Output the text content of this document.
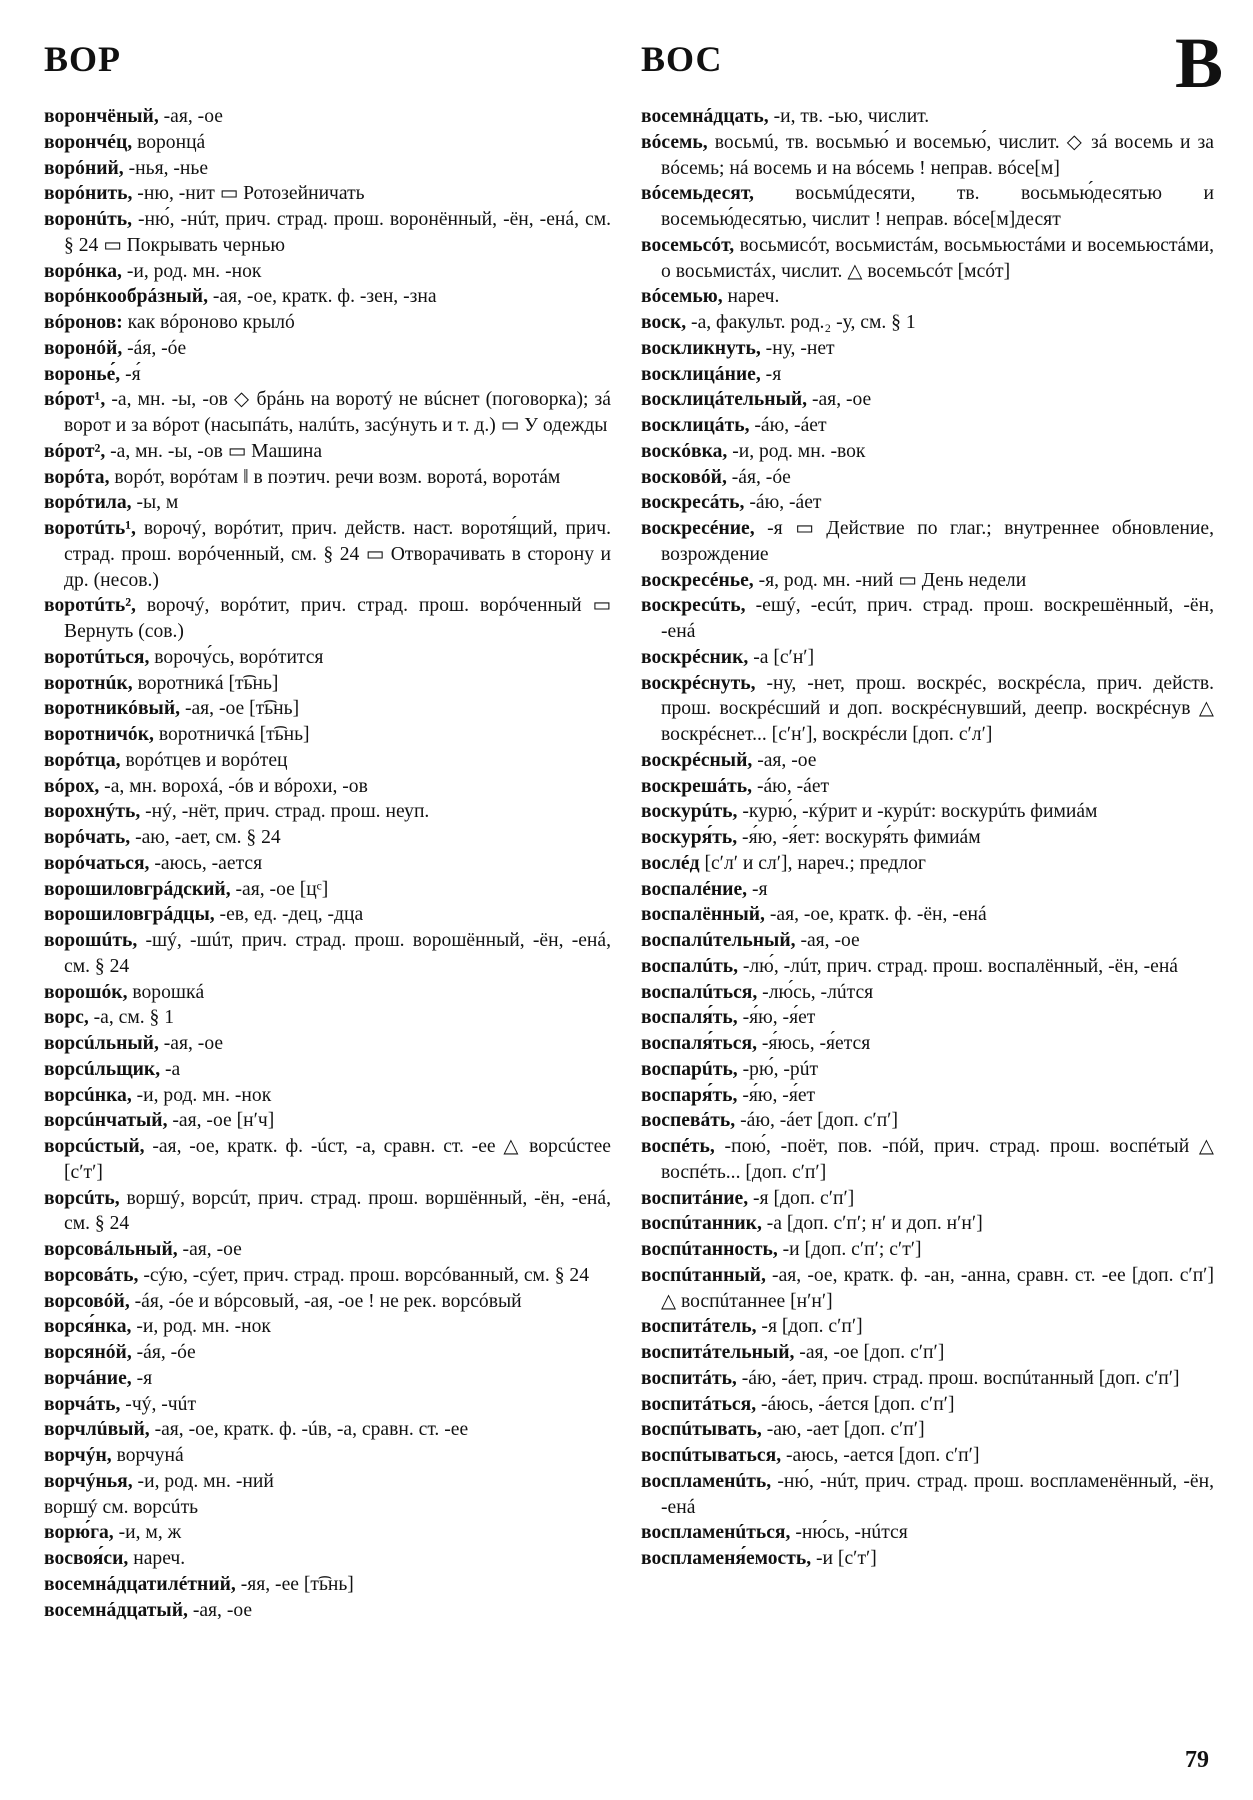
ВОР	ВОС	В

ворончёный, -ая, -ое

ворончéц, воронцá

ворóний, -нья, -нье

ворóнить, -ню, -нит ▭ Ротозейничать

воронúть, -ню́, -нúт, прич. страд. прош. воронённый, -ён, -енá, см. § 24 ▭ Покрывать чернью

ворóнка, -и, род. мн. -нок

ворóнкообрáзный, -ая, -ое, кратк. ф. -зен, -зна

вóронов: как вóроново крылó

воронóй, -áя, -óе

воронье́, -я́

вóрот¹, -а, мн. -ы, -ов ◇ брáнь на воротý не вúснет (поговорка); зá ворот и за вóрот (насыпáть, налúть, засýнуть и т. д.) ▭ У одежды

вóрот², -а, мн. -ы, -ов ▭ Машина

ворóта, ворóт, ворóтам ‖ в поэтич. речи возм. воротá, воротáм

ворóтила, -ы, м

воротúть¹, ворочý, ворóтит, прич. действ. наст. воротя́щий, прич. страд. прош. ворóченный, см. § 24 ▭ Отворачивать в сторону и др. (несов.)

воротúть², ворочý, ворóтит, прич. страд. прош. ворóченный ▭ Вернуть (сов.)

воротúться, ворочу́сь, ворóтится

воротнúк, воротникá [т͡ьнь]

воротникóвый, -ая, -ое [т͡ьнь]

воротничóк, воротничкá [т͡ьнь]

ворóтца, ворóтцев и ворóтец

вóрох, -а, мн. ворохá, -óв и вóрохи, -ов

ворохнýть, -нý, -нёт, прич. страд. прош. неуп.

ворóчать, -аю, -ает, см. § 24

ворóчаться, -аюсь, -ается

ворошиловгрáдский, -ая, -ое [цᶜ]

ворошиловгрáдцы, -ев, ед. -дец, -дца

ворошúть, -шý, -шúт, прич. страд. прош. ворошённый, -ён, -енá, см. § 24

ворошóк, ворошкá

ворс, -а, см. § 1

ворсúльный, -ая, -ое

ворсúльщик, -а

ворсúнка, -и, род. мн. -нок

ворсúнчатый, -ая, -ое [нʹч]

ворсúстый, -ая, -ое, кратк. ф. -úст, -а, сравн. ст. -ее △ ворсúстее [сʹтʹ]

ворсúть, воршý, ворсúт, прич. страд. прош. воршённый, -ён, -енá, см. § 24

ворсовáльный, -ая, -ое

ворсовáть, -сýю, -сýет, прич. страд. прош. ворсóванный, см. § 24

ворсовóй, -áя, -óе и вóрсовый, -ая, -ое ! не рек. ворсóвый

ворся́нка, -и, род. мн. -нок

ворсянóй, -áя, -óе

ворчáние, -я

ворчáть, -чý, -чúт

ворчлúвый, -ая, -ое, кратк. ф. -úв, -а, сравн. ст. -ее

ворчýн, ворчунá

ворчýнья, -и, род. мн. -ний

воршý см. ворсúть

ворю́га, -и, м, ж

восвоя́си, нареч.

восемнáдцатилéтний, -яя, -ее [т͡ьнь]

восемнáдцатый, -ая, -ое

восемнáдцать, -и, тв. -ью, числит.

вóсемь, восьмú, тв. восьмью́ и восемью́, числит. ◇ зá восемь и за вóсемь; нá восемь и на вóсемь ! неправ. вóсе[м]

вóсемьдесят, восьмúдесяти, тв. восьмью́десятью и восемью́десятью, числит ! неправ. вóсе[м]десят

восемьсóт, восьмисóт, восьмистáм, восьмьюстáми и восемьюстáми, о восьмистáх, числит. △ восемьсóт [мсóт]

вóсемью, нареч.

воск, -а, факульт. род.₂ -у, см. § 1

воскликнуть, -ну, -нет

восклицáние, -я

восклицáтельный, -ая, -ое

восклицáть, -áю, -áет

воскóвка, -и, род. мн. -вок

восковóй, -áя, -óе

воскресáть, -áю, -áет

воскресéние, -я ▭ Действие по глаг.; внутреннее обновление, возрождение

воскресéнье, -я, род. мн. -ний ▭ День недели

воскресúть, -ешý, -есúт, прич. страд. прош. воскрешённый, -ён, -енá

воскрéсник, -а [сʹнʹ]

воскрéснуть, -ну, -нет, прош. воскрéс, воскрéсла, прич. действ. прош. воскрéсший и доп. воскрéснувший, деепр. воскрéснув △ воскрéснет... [сʹнʹ], воскрéсли [доп. сʹлʹ]

воскрéсный, -ая, -ое

воскрешáть, -áю, -áет

воскурúть, -курю́, -кýрит и -курúт: воскурúть фимиáм

воскуря́ть, -я́ю, -я́ет: воскуря́ть фимиáм

вослéд [сʹлʹ и слʹ], нареч.; предлог

воспалéние, -я

воспалённый, -ая, -ое, кратк. ф. -ён, -енá

воспалúтельный, -ая, -ое

воспалúть, -лю́, -лúт, прич. страд. прош. воспалённый, -ён, -енá

воспалúться, -лю́сь, -лúтся

воспаля́ть, -я́ю, -я́ет

воспаля́ться, -я́юсь, -я́ется

воспарúть, -рю́, -рúт

воспаря́ть, -я́ю, -я́ет

воспевáть, -áю, -áет [доп. сʹпʹ]

воспéть, -пою́, -поёт, пов. -пóй, прич. страд. прош. воспéтый △ воспéть... [доп. сʹпʹ]

воспитáние, -я [доп. сʹпʹ]

воспúтанник, -а [доп. сʹпʹ; нʹ и доп. нʹнʹ]

воспúтанность, -и [доп. сʹпʹ; сʹтʹ]

воспúтанный, -ая, -ое, кратк. ф. -ан, -анна, сравн. ст. -ее [доп. сʹпʹ] △ воспúтаннее [нʹнʹ]

воспитáтель, -я [доп. сʹпʹ]

воспитáтельный, -ая, -ое [доп. сʹпʹ]

воспитáть, -áю, -áет, прич. страд. прош. воспúтанный [доп. сʹпʹ]

воспитáться, -áюсь, -áется [доп. сʹпʹ]

воспúтывать, -аю, -ает [доп. сʹпʹ]

воспúтываться, -аюсь, -ается [доп. сʹпʹ]

воспламенúть, -ню́, -нúт, прич. страд. прош. воспламенённый, -ён, -енá

воспламенúться, -ню́сь, -нúтся

воспламеня́емость, -и [сʹтʹ]

79
